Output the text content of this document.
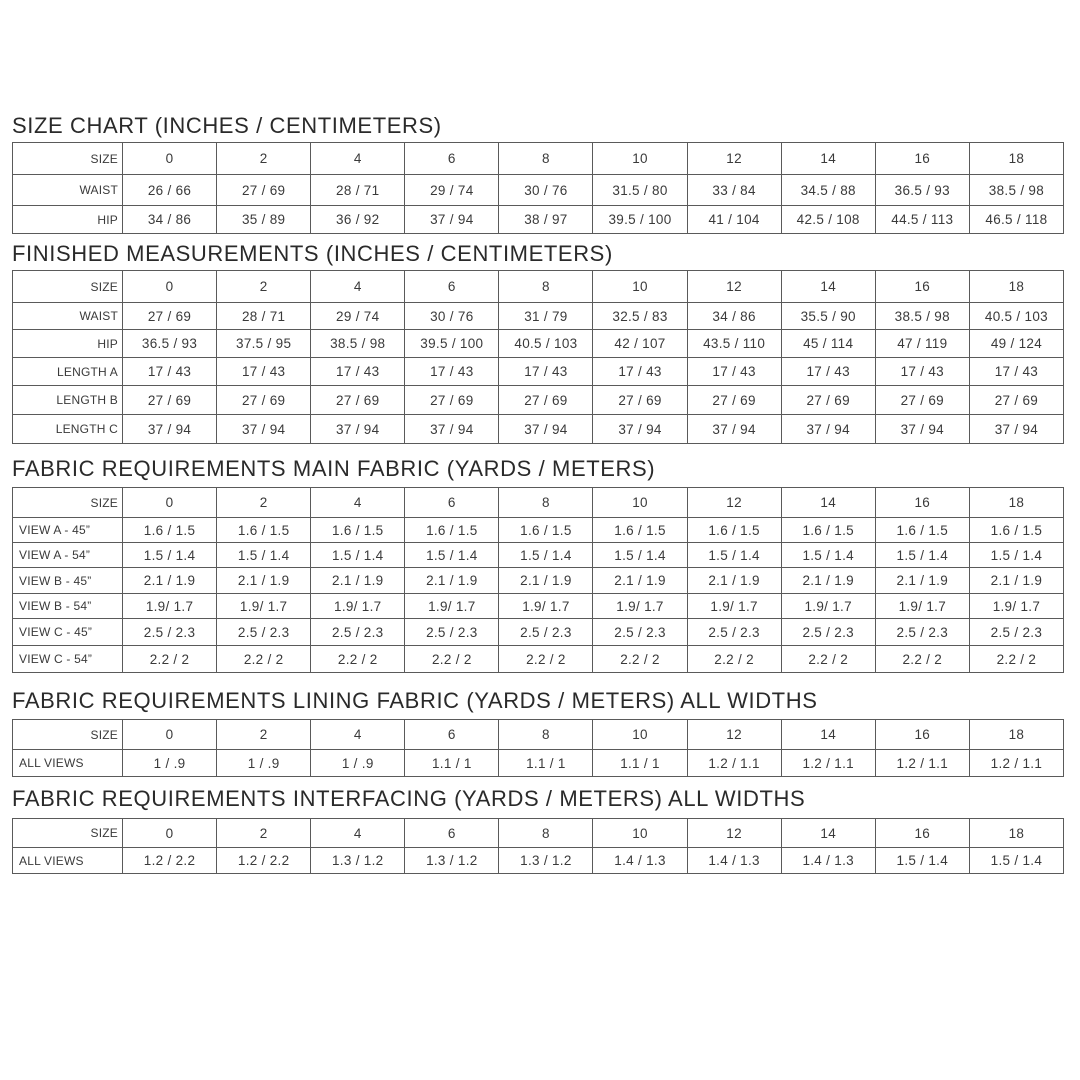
SIZE CHART (INCHES / CENTIMETERS)
SIZE	0	2	4	6	8	10	12	14	16	18
WAIST	26 / 66	27 / 69	28 / 71	29 / 74	30 / 76	31.5 / 80	33 / 84	34.5 / 88	36.5 / 93	38.5 / 98
HIP	34 / 86	35 / 89	36 / 92	37 / 94	38 / 97	39.5 / 100	41 / 104	42.5 / 108	44.5 / 113	46.5 / 118
FINISHED MEASUREMENTS (INCHES / CENTIMETERS)
SIZE	0	2	4	6	8	10	12	14	16	18
WAIST	27 / 69	28 / 71	29 / 74	30 / 76	31 / 79	32.5 / 83	34 / 86	35.5 / 90	38.5 / 98	40.5 / 103
HIP	36.5 / 93	37.5 / 95	38.5 / 98	39.5 / 100	40.5 / 103	42 / 107	43.5 / 110	45 / 114	47 / 119	49 / 124
LENGTH A	17 / 43	17 / 43	17 / 43	17 / 43	17 / 43	17 / 43	17 / 43	17 / 43	17 / 43	17 / 43
LENGTH B	27 / 69	27 / 69	27 / 69	27 / 69	27 / 69	27 / 69	27 / 69	27 / 69	27 / 69	27 / 69
LENGTH C	37 / 94	37 / 94	37 / 94	37 / 94	37 / 94	37 / 94	37 / 94	37 / 94	37 / 94	37 / 94
FABRIC REQUIREMENTS MAIN FABRIC (YARDS / METERS)
SIZE	0	2	4	6	8	10	12	14	16	18
VIEW A - 45”	1.6 / 1.5	1.6 / 1.5	1.6 / 1.5	1.6 / 1.5	1.6 / 1.5	1.6 / 1.5	1.6 / 1.5	1.6 / 1.5	1.6 / 1.5	1.6 / 1.5
VIEW A - 54”	1.5 / 1.4	1.5 / 1.4	1.5 / 1.4	1.5 / 1.4	1.5 / 1.4	1.5 / 1.4	1.5 / 1.4	1.5 / 1.4	1.5 / 1.4	1.5 / 1.4
VIEW B - 45”	2.1 / 1.9	2.1 / 1.9	2.1 / 1.9	2.1 / 1.9	2.1 / 1.9	2.1 / 1.9	2.1 / 1.9	2.1 / 1.9	2.1 / 1.9	2.1 / 1.9
VIEW B - 54”	1.9/ 1.7	1.9/ 1.7	1.9/ 1.7	1.9/ 1.7	1.9/ 1.7	1.9/ 1.7	1.9/ 1.7	1.9/ 1.7	1.9/ 1.7	1.9/ 1.7
VIEW C - 45”	2.5 / 2.3	2.5 / 2.3	2.5 / 2.3	2.5 / 2.3	2.5 / 2.3	2.5 / 2.3	2.5 / 2.3	2.5 / 2.3	2.5 / 2.3	2.5 / 2.3
VIEW C - 54”	2.2 / 2	2.2 / 2	2.2 / 2	2.2 / 2	2.2 / 2	2.2 / 2	2.2 / 2	2.2 / 2	2.2 / 2	2.2 / 2
FABRIC REQUIREMENTS LINING FABRIC (YARDS / METERS) ALL WIDTHS
SIZE	0	2	4	6	8	10	12	14	16	18
ALL VIEWS	1 / .9	1 / .9	1 / .9	1.1 / 1	1.1 / 1	1.1 / 1	1.2 / 1.1	1.2 / 1.1	1.2 / 1.1	1.2 / 1.1
FABRIC REQUIREMENTS INTERFACING (YARDS / METERS) ALL WIDTHS
SIZE	0	2	4	6	8	10	12	14	16	18
ALL VIEWS	1.2 / 2.2	1.2 / 2.2	1.3 / 1.2	1.3 / 1.2	1.3 / 1.2	1.4 / 1.3	1.4 / 1.3	1.4 / 1.3	1.5 / 1.4	1.5 / 1.4
